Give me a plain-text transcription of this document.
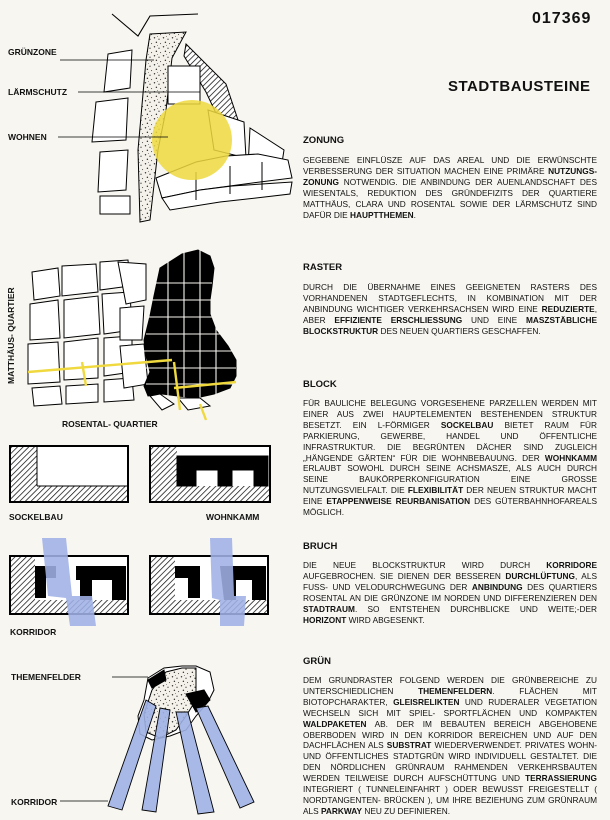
017369
STADTBAUSTEINE
GRÜNZONE
LÄRMSCHUTZ
WOHNEN
MATTHÄUS- QUARTIER
ROSENTAL- QUARTIER
SOCKELBAU	WOHNKAMM
KORRIDOR
THEMENFELDER
KORRIDOR
ZONUNG
GEGEBENE EINFLÜSZE AUF DAS AREAL UND DIE ERWÜNSCHTE VERBESSERUNG DER SITUATION MACHEN EINE PRIMÄRE NUTZUNGS-ZONUNG NOTWENDIG. DIE ANBINDUNG DER AUENLANDSCHAFT DES WIESENTALS, REDUKTION DES GRÜNDEFIZITS DER QUARTIERE MATTHÄUS, CLARA UND ROSENTAL SOWIE DER LÄRMSCHUTZ SIND DAFÜR DIE HAUPTTHEMEN.
RASTER
DURCH DIE ÜBERNAHME EINES GEEIGNETEN RASTERS DES VORHANDENEN STADTGEFLECHTS, IN KOMBINATION MIT DER ANBINDUNG WICHTIGER VERKEHRSACHSEN WIRD EINE REDUZIERTE, ABER EFFIZIENTE ERSCHLIESSUNG UND EINE MASZSTÄBLICHE BLOCKSTRUKTUR DES NEUEN QUARTIERS GESCHAFFEN.
BLOCK
FÜR BAULICHE BELEGUNG VORGESEHENE PARZELLEN WERDEN MIT EINER AUS ZWEI HAUPTELEMENTEN BESTEHENDEN STRUKTUR BESETZT. EIN L-FÖRMIGER SOCKELBAU BIETET RAUM FÜR PARKIERUNG, GEWERBE, HANDEL UND ÖFFENTLICHE INFRASTRUKTUR. DIE BEGRÜNTEN DÄCHER SIND ZUGLEICH „HÄNGENDE GÄRTEN“ FÜR DIE WOHNBEBAUUNG. DER WOHNKAMM ERLAUBT SOWOHL DURCH SEINE ACHSMASZE, ALS AUCH DURCH SEINE BAUKÖRPERKONFIGURATION EINE GROSSE NUTZUNGSVIELFALT. DIE FLEXIBILITÄT DER NEUEN STRUKTUR MACHT EINE ETAPPENWEISE REURBANISATION DES GÜTERBAHNHOFAREALS MÖGLICH.
BRUCH
DIE NEUE BLOCKSTRUKTUR WIRD DURCH KORRIDORE AUFGEBROCHEN. SIE DIENEN DER BESSEREN DURCHLÜFTUNG, ALS FUSS- UND VELODURCHWEGUNG DER ANBINDUNG DES QUARTIERS ROSENTAL AN DIE GRÜNZONE IM NORDEN UND DIFFERENZIEREN DEN STADTRAUM. SO ENTSTEHEN DURCHBLICKE UND WEITE;-DER HORIZONT WIRD ABGESENKT.
GRÜN
DEM GRUNDRASTER FOLGEND WERDEN DIE GRÜNBEREICHE ZU UNTERSCHIEDLICHEN THEMENFELDERN. FLÄCHEN MIT BIOTOPCHARAKTER, GLEISRELIKTEN UND RUDERALER VEGETATION WECHSELN SICH MIT SPIEL- SPORTFLÄCHEN UND KOMPAKTEN WALDPAKETEN AB. DER IM BEBAUTEN BEREICH ABGEHOBENE OBERBODEN WIRD IN DEN KORRIDOR BEREICHEN UND AUF DEN DACHFLÄCHEN ALS SUBSTRAT WIEDERVERWENDET. PRIVATES WOHN- UND ÖFFENTLICHES STADTGRÜN WIRD INDIVIDUELL GESTALTET. DIE DEN NÖRDLICHEN GRÜNRAUM RAHMENDEN VERKEHRSBAUTEN WERDEN TEILWEISE DURCH AUFSCHÜTTUNG UND TERRASSIERUNG INTEGRIERT ( TUNNELEINFAHRT ) ODER BEWUSST FREIGESTELLT ( NORDTANGENTEN- BRÜCKEN ), UM IHRE BEZIEHUNG ZUM GRÜNRAUM ALS PARKWAY NEU ZU DEFINIEREN.
